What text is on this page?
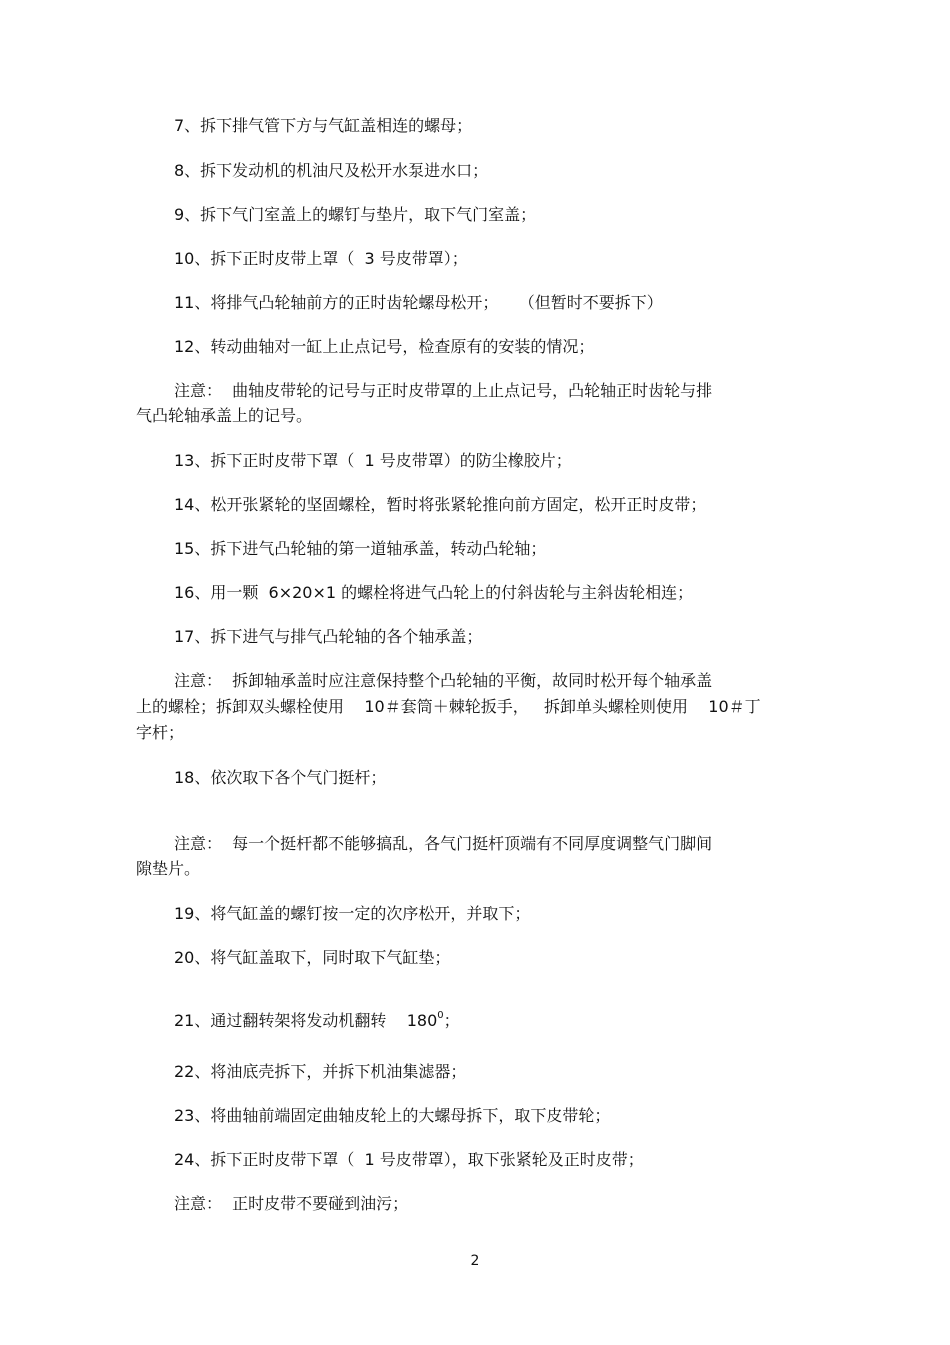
7、拆下排气管下方与气缸盖相连的螺母；

8、拆下发动机的机油尺及松开水泵进水口；

9、拆下气门室盖上的螺钉与垫片，取下气门室盖；

10、拆下正时皮带上罩（  3 号皮带罩）；

11、将排气凸轮轴前方的正时齿轮螺母松开；    （但暂时不要拆下）

12、转动曲轴对一缸上止点记号，检查原有的安装的情况；

注意：  曲轴皮带轮的记号与正时皮带罩的上止点记号，凸轮轴正时齿轮与排

气凸轮轴承盖上的记号。

13、拆下正时皮带下罩（  1 号皮带罩）的防尘橡胶片；

14、松开张紧轮的坚固螺栓，暂时将张紧轮推向前方固定，松开正时皮带；

15、拆下进气凸轮轴的第一道轴承盖，转动凸轮轴；

16、用一颗  6×20×1 的螺栓将进气凸轮上的付斜齿轮与主斜齿轮相连；

17、拆下进气与排气凸轮轴的各个轴承盖；

注意：  拆卸轴承盖时应注意保持整个凸轮轴的平衡，故同时松开每个轴承盖

上的螺栓；拆卸双头螺栓使用    10＃套筒＋棘轮扳手，   拆卸单头螺栓则使用    10＃丁

字杆；

18、依次取下各个气门挺杆；

注意：  每一个挺杆都不能够搞乱，各气门挺杆顶端有不同厚度调整气门脚间

隙垫片。

19、将气缸盖的螺钉按一定的次序松开，并取下；

20、将气缸盖取下，同时取下气缸垫；

21、通过翻转架将发动机翻转    $180^0$；

22、将油底壳拆下，并拆下机油集滤器；

23、将曲轴前端固定曲轴皮轮上的大螺母拆下，取下皮带轮；

24、拆下正时皮带下罩（  1 号皮带罩），取下张紧轮及正时皮带；

注意：  正时皮带不要碰到油污；

2
